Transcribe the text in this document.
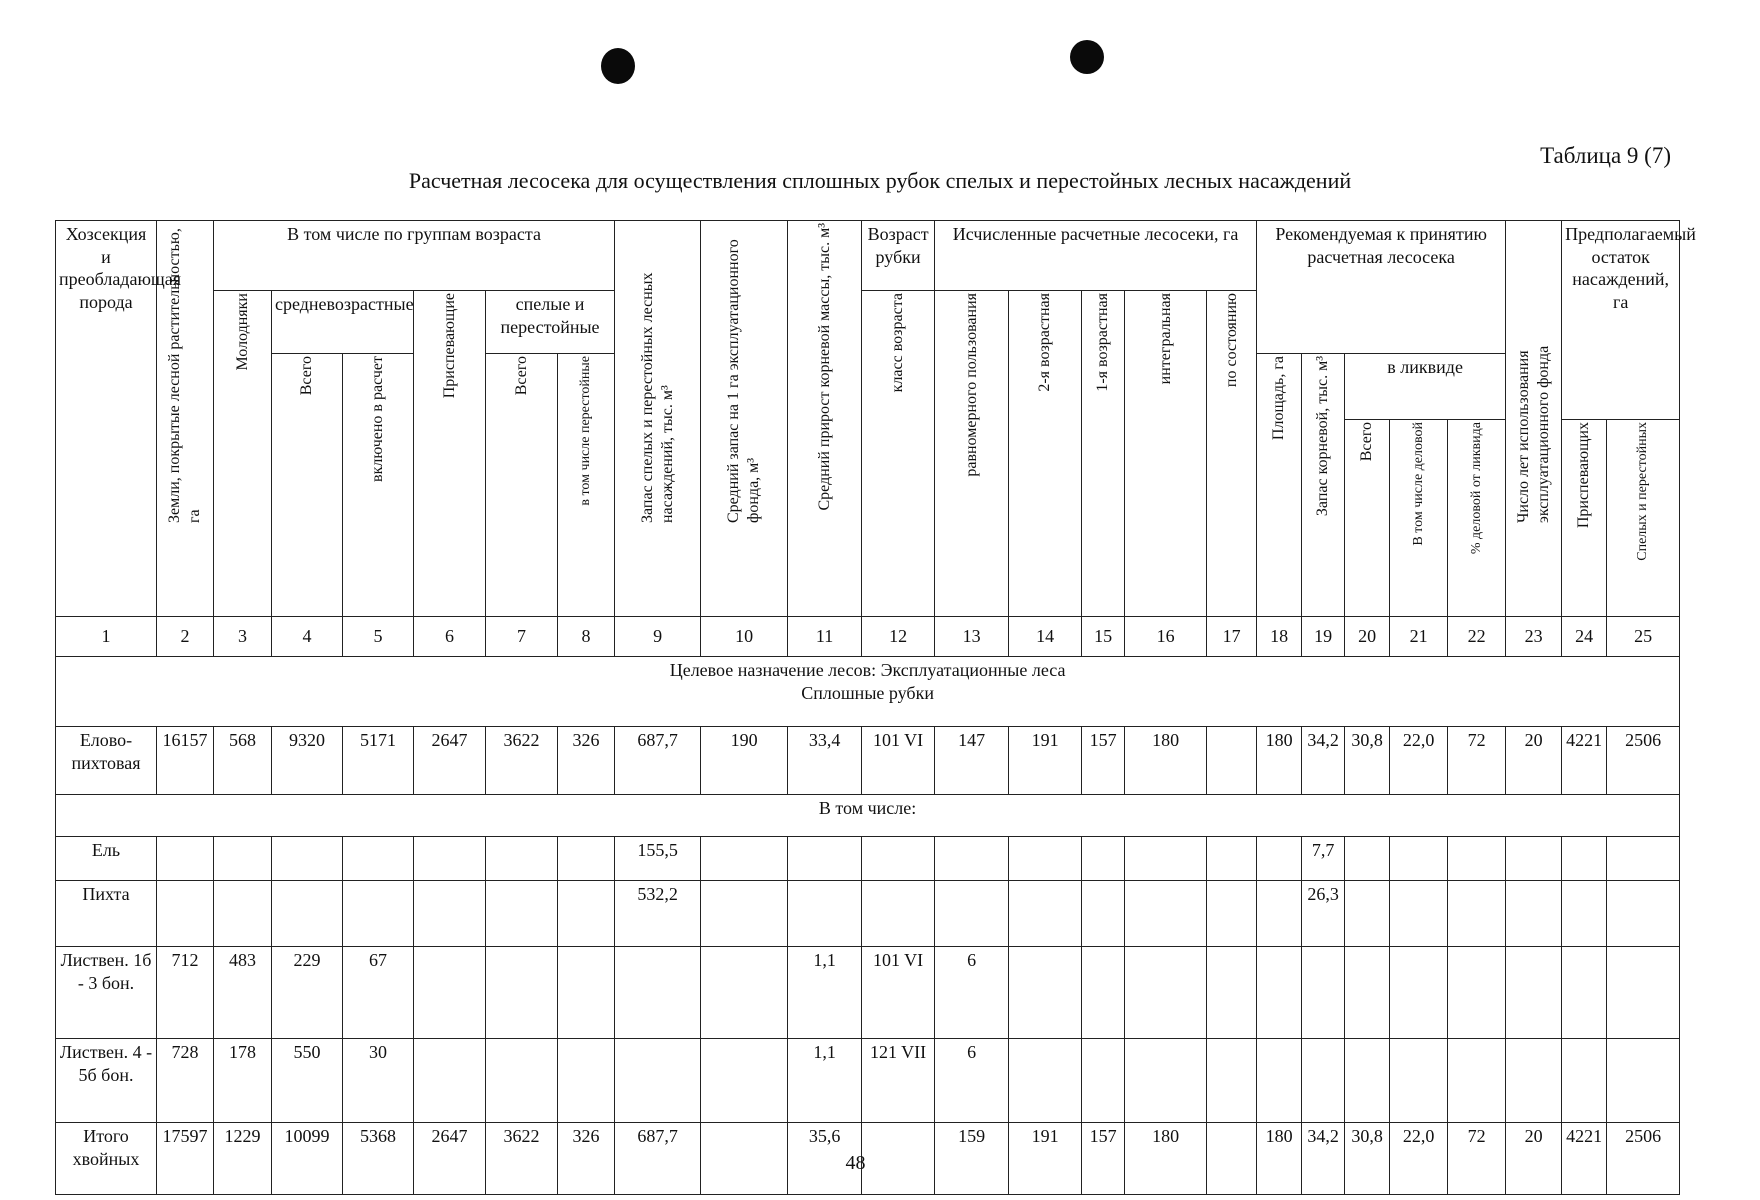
Таблица 9 (7)
Расчетная лесосека для осуществления сплошных рубок спелых и перестойных лесных насаждений
Хозсекция и преобладающая порода	Земли, покрытые лесной растительностью, га	В том числе по группам возраста						Запас спелых и перестойных лесных насаждений, тыс. м³	Средний запас на 1 га эксплуатационного фонда, м³	Средний прирост корневой массы, тыс. м³	Возраст рубки	Исчисленные расчетные лесосеки, га					Рекомендуемая к принятию расчетная лесосека					Число лет использования эксплуатационного фонда	Предполагаемый остаток насаждений, га	
		Молодняки	средневозрастные		Приспевающие	спелые и перестойные					класс возраста	равномерного пользования	2-я возрастная	1-я возрастная	интегральная	по состоянию								
			Всего	включено в расчет		Всего	в том числе перестойные										Площадь, га	Запас корневой, тыс. м³	в ликвиде					
																			Всего	В том числе деловой	% деловой от ликвида		Приспевающих	Спелых и перестойных
1	2	3	4	5	6	7	8	9	10	11	12	13	14	15	16	17	18	19	20	21	22	23	24	25

Целевое назначение лесов: Эксплуатационные леса
Сплошные рубки																								

Елово-пихтовая	16157	568	9320	5171	2647	3622	326	687,7	190	33,4	101 VI	147	191	157	180		180	34,2	30,8	22,0	72	20	4221	2506
В том числе:																								
Ель								155,5										7,7						
Пихта								532,2										26,3						
Листвен. 1б - 3 бон.	712	483	229	67						1,1	101 VI	6												
Листвен. 4 - 5б бон.	728	178	550	30						1,1	121 VII	6												
Итого хвойных	17597	1229	10099	5368	2647	3622	326	687,7		35,6		159	191	157	180		180	34,2	30,8	22,0	72	20	4221	2506
48
